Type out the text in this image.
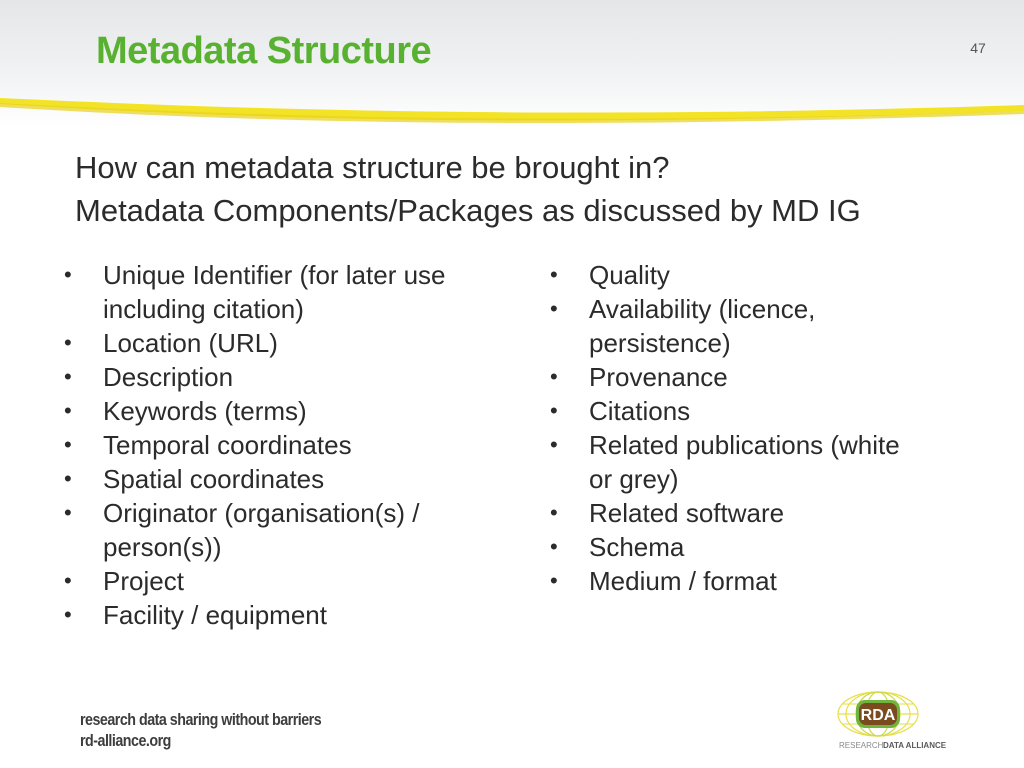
Metadata Structure	47
How can metadata structure be brought in?
Metadata Components/Packages as discussed by MD IG
• Unique Identifier (for later use
including citation)
• Location (URL)
• Description
• Keywords (terms)
• Temporal coordinates
• Spatial coordinates
• Originator (organisation(s) /
person(s))
• Project
• Facility / equipment
• Quality
• Availability (licence,
persistence)
• Provenance
• Citations
• Related publications (white
or grey)
• Related software
• Schema
• Medium / format
research data sharing without barriers
rd-alliance.org
RDA
RESEARCH DATA ALLIANCE
